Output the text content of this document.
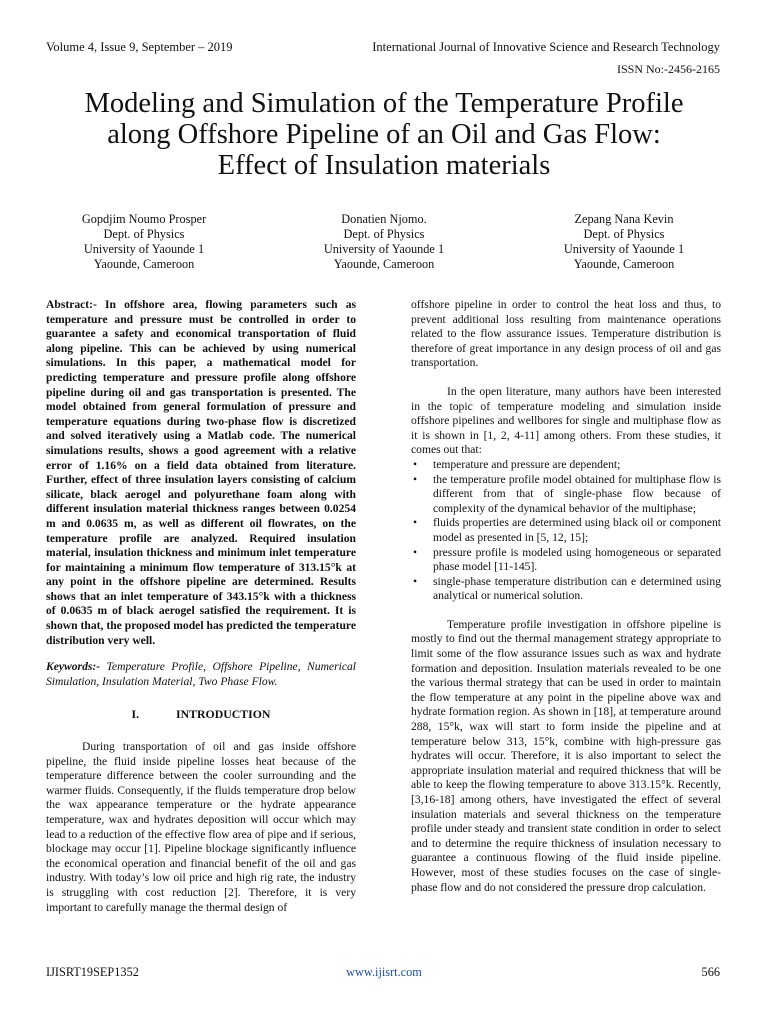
Volume 4, Issue 9, September – 2019	International Journal of Innovative Science and Research Technology
ISSN No:-2456-2165
Modeling and Simulation of the Temperature Profile
along Offshore Pipeline of an Oil and Gas Flow:
Effect of Insulation materials
Gopdjim Noumo Prosper
Dept. of Physics
University of Yaounde 1
Yaounde, Cameroon
Donatien Njomo.
Dept. of Physics
University of Yaounde 1
Yaounde, Cameroon
Zepang Nana Kevin
Dept. of Physics
University of Yaounde 1
Yaounde, Cameroon

Abstract:- In offshore area, flowing parameters such as temperature and pressure must be controlled in order to guarantee a safety and economical transportation of fluid along pipeline. This can be achieved by using numerical simulations. In this paper, a mathematical model for predicting temperature and pressure profile along offshore pipeline during oil and gas transportation is presented. The model obtained from general formulation of pressure and temperature equations during two-phase flow is discretized and solved iteratively using a Matlab code. The numerical simulations results, shows a good agreement with a relative error of 1.16% on a field data obtained from literature. Further, effect of three insulation layers consisting of calcium silicate, black aerogel and polyurethane foam along with different insulation material thickness ranges between 0.0254 m and 0.0635 m, as well as different oil flowrates, on the temperature profile are analyzed. Required insulation material, insulation thickness and minimum inlet temperature for maintaining a minimum flow temperature of 313.15°k at any point in the offshore pipeline are determined. Results shows that an inlet temperature of 343.15°k with a thickness of 0.0635 m of black aerogel satisfied the requirement. It is shown that, the proposed model has predicted the temperature distribution very well.

Keywords:- Temperature Profile, Offshore Pipeline, Numerical Simulation, Insulation Material, Two Phase Flow.

I.	INTRODUCTION

During transportation of oil and gas inside offshore pipeline, the fluid inside pipeline losses heat because of the temperature difference between the cooler surrounding and the warmer fluids. Consequently, if the fluids temperature drop below the wax appearance temperature or the hydrate appearance temperature, wax and hydrates deposition will occur which may lead to a reduction of the effective flow area of pipe and if serious, blockage may occur [1]. Pipeline blockage significantly influence the economical operation and financial benefit of the oil and gas industry. With today’s low oil price and high rig rate, the industry is struggling with cost reduction [2]. Therefore, it is very important to carefully manage the thermal design of

offshore pipeline in order to control the heat loss and thus, to prevent additional loss resulting from maintenance operations related to the flow assurance issues. Temperature distribution is therefore of great importance in any design process of oil and gas transportation.

In the open literature, many authors have been interested in the topic of temperature modeling and simulation inside offshore pipelines and wellbores for single and multiphase flow as it is shown in [1, 2, 4-11] among others. From these studies, it comes out that:

• temperature and pressure are dependent;
• the temperature profile model obtained for multiphase flow is different from that of single-phase flow because of complexity of the dynamical behavior of the multiphase;
• fluids properties are determined using black oil or component model as presented in [5, 12, 15];
• pressure profile is modeled using homogeneous or separated phase model [11-145].
• single-phase temperature distribution can e determined using analytical or numerical solution.

Temperature profile investigation in offshore pipeline is mostly to find out the thermal management strategy appropriate to limit some of the flow assurance issues such as wax and hydrate formation and deposition. Insulation materials revealed to be one the various thermal strategy that can be used in order to maintain the flow temperature at any point in the pipeline above wax and hydrate formation region. As shown in [18], at temperature around 288, 15°k, wax will start to form inside the pipeline and at temperature below 313, 15°k, combine with high-pressure gas hydrates will occur. Therefore, it is also important to select the appropriate insulation material and required thickness that will be able to keep the flowing temperature to above 313.15°k. Recently, [3,16-18] among others, have investigated the effect of several insulation materials and several thickness on the temperature profile under steady and transient state condition in order to select and to determine the require thickness of insulation necessary to guarantee a continuous flowing of the fluid inside pipeline. However, most of these studies focuses on the case of single-phase flow and do not considered the pressure drop calculation.

IJISRT19SEP1352	www.ijisrt.com	566
